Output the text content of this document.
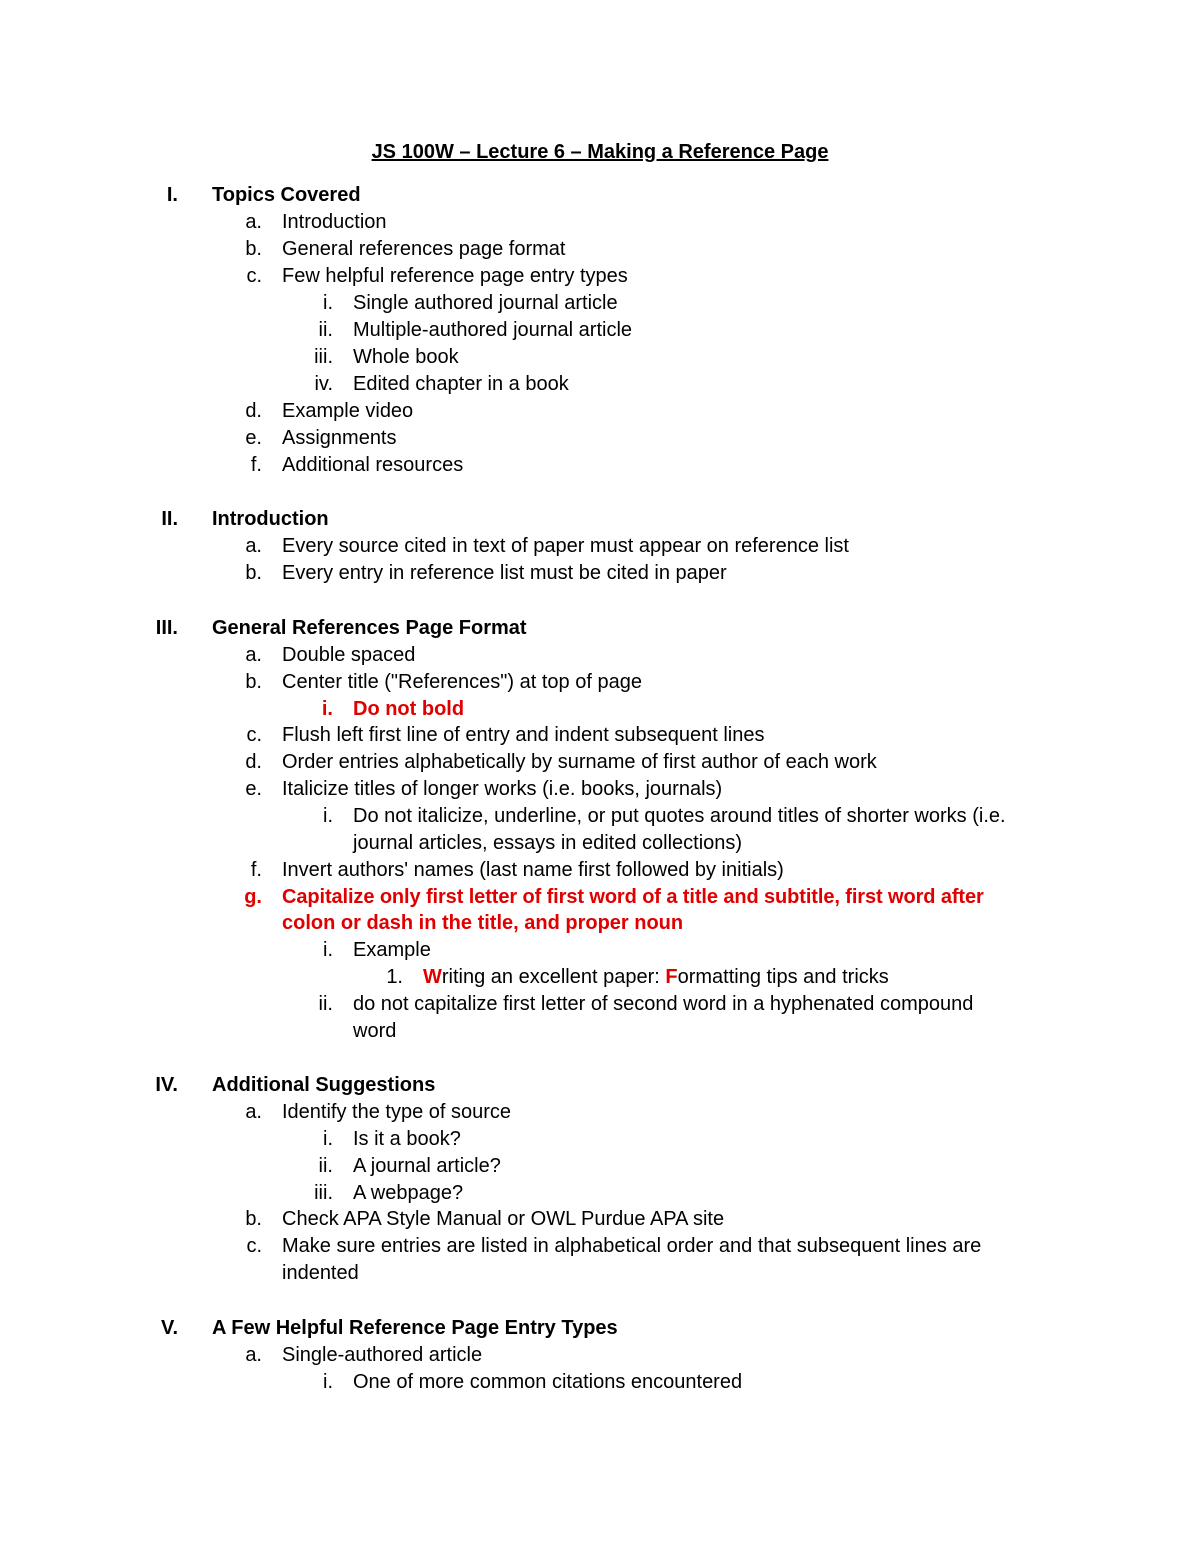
JS 100W – Lecture 6 – Making a Reference Page
I. Topics Covered
a. Introduction
b. General references page format
c. Few helpful reference page entry types
i. Single authored journal article
ii. Multiple-authored journal article
iii. Whole book
iv. Edited chapter in a book
d. Example video
e. Assignments
f. Additional resources
II. Introduction
a. Every source cited in text of paper must appear on reference list
b. Every entry in reference list must be cited in paper
III. General References Page Format
a. Double spaced
b. Center title ("References") at top of page
i. Do not bold
c. Flush left first line of entry and indent subsequent lines
d. Order entries alphabetically by surname of first author of each work
e. Italicize titles of longer works (i.e. books, journals)
i. Do not italicize, underline, or put quotes around titles of shorter works (i.e.
journal articles, essays in edited collections)
f. Invert authors' names (last name first followed by initials)
g. Capitalize only first letter of first word of a title and subtitle, first word after
colon or dash in the title, and proper noun
i. Example
1. Writing an excellent paper: Formatting tips and tricks
ii. do not capitalize first letter of second word in a hyphenated compound
word
IV. Additional Suggestions
a. Identify the type of source
i. Is it a book?
ii. A journal article?
iii. A webpage?
b. Check APA Style Manual or OWL Purdue APA site
c. Make sure entries are listed in alphabetical order and that subsequent lines are
indented
V. A Few Helpful Reference Page Entry Types
a. Single-authored article
i. One of more common citations encountered
